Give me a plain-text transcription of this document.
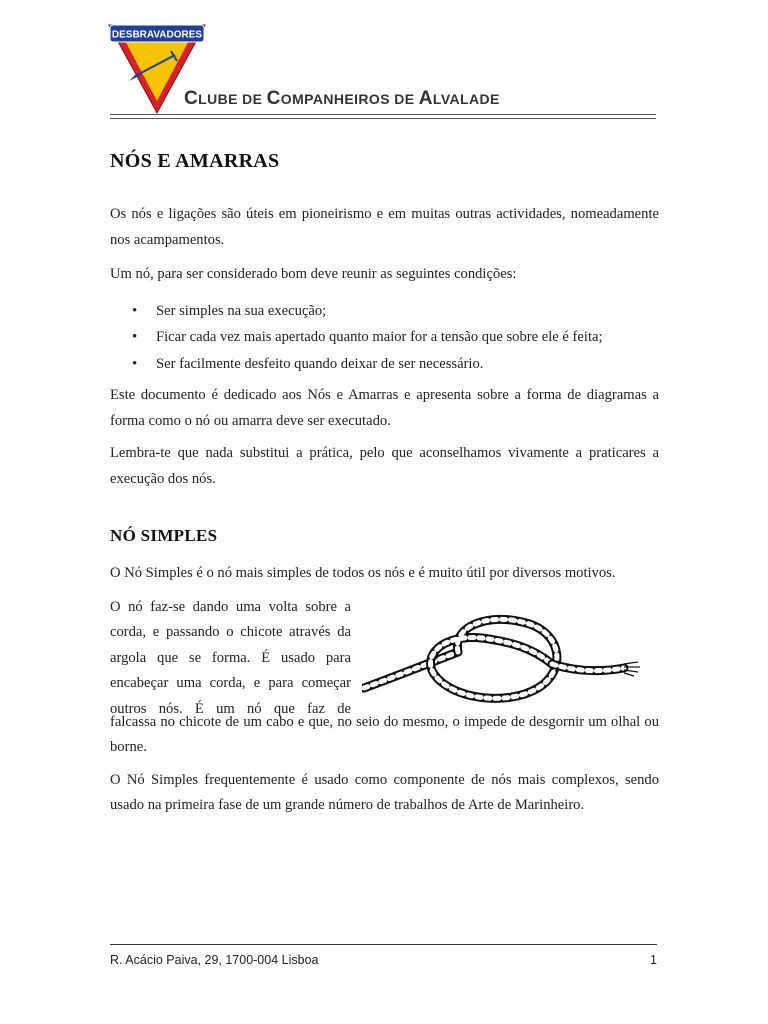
DESBRAVADORES
CLUBE DE COMPANHEIROS DE ALVALADE
NÓS E AMARRAS

Os nós e ligações são úteis em pioneirismo e em muitas outras actividades, nomeadamente nos acampamentos.

Um nó, para ser considerado bom deve reunir as seguintes condições:

• Ser simples na sua execução;
• Ficar cada vez mais apertado quanto maior for a tensão que sobre ele é feita;
• Ser facilmente desfeito quando deixar de ser necessário.

Este documento é dedicado aos Nós e Amarras e apresenta sobre a forma de diagramas a forma como o nó ou amarra deve ser executado.

Lembra-te que nada substitui a prática, pelo que aconselhamos vivamente a praticares a execução dos nós.

NÓ SIMPLES

O Nó Simples é o nó mais simples de todos os nós e é muito útil por diversos motivos.

O nó faz-se dando uma volta sobre a
corda, e passando o chicote através da
argola que se forma. É usado para
encabeçar uma corda, e para começar
outros nós. É um nó que faz de

falcassa no chicote de um cabo e que, no seio do mesmo, o impede de desgornir um olhal ou borne.

O Nó Simples frequentemente é usado como componente de nós mais complexos, sendo usado na primeira fase de um grande número de trabalhos de Arte de Marinheiro.

R. Acácio Paiva, 29, 1700-004 Lisboa	1
